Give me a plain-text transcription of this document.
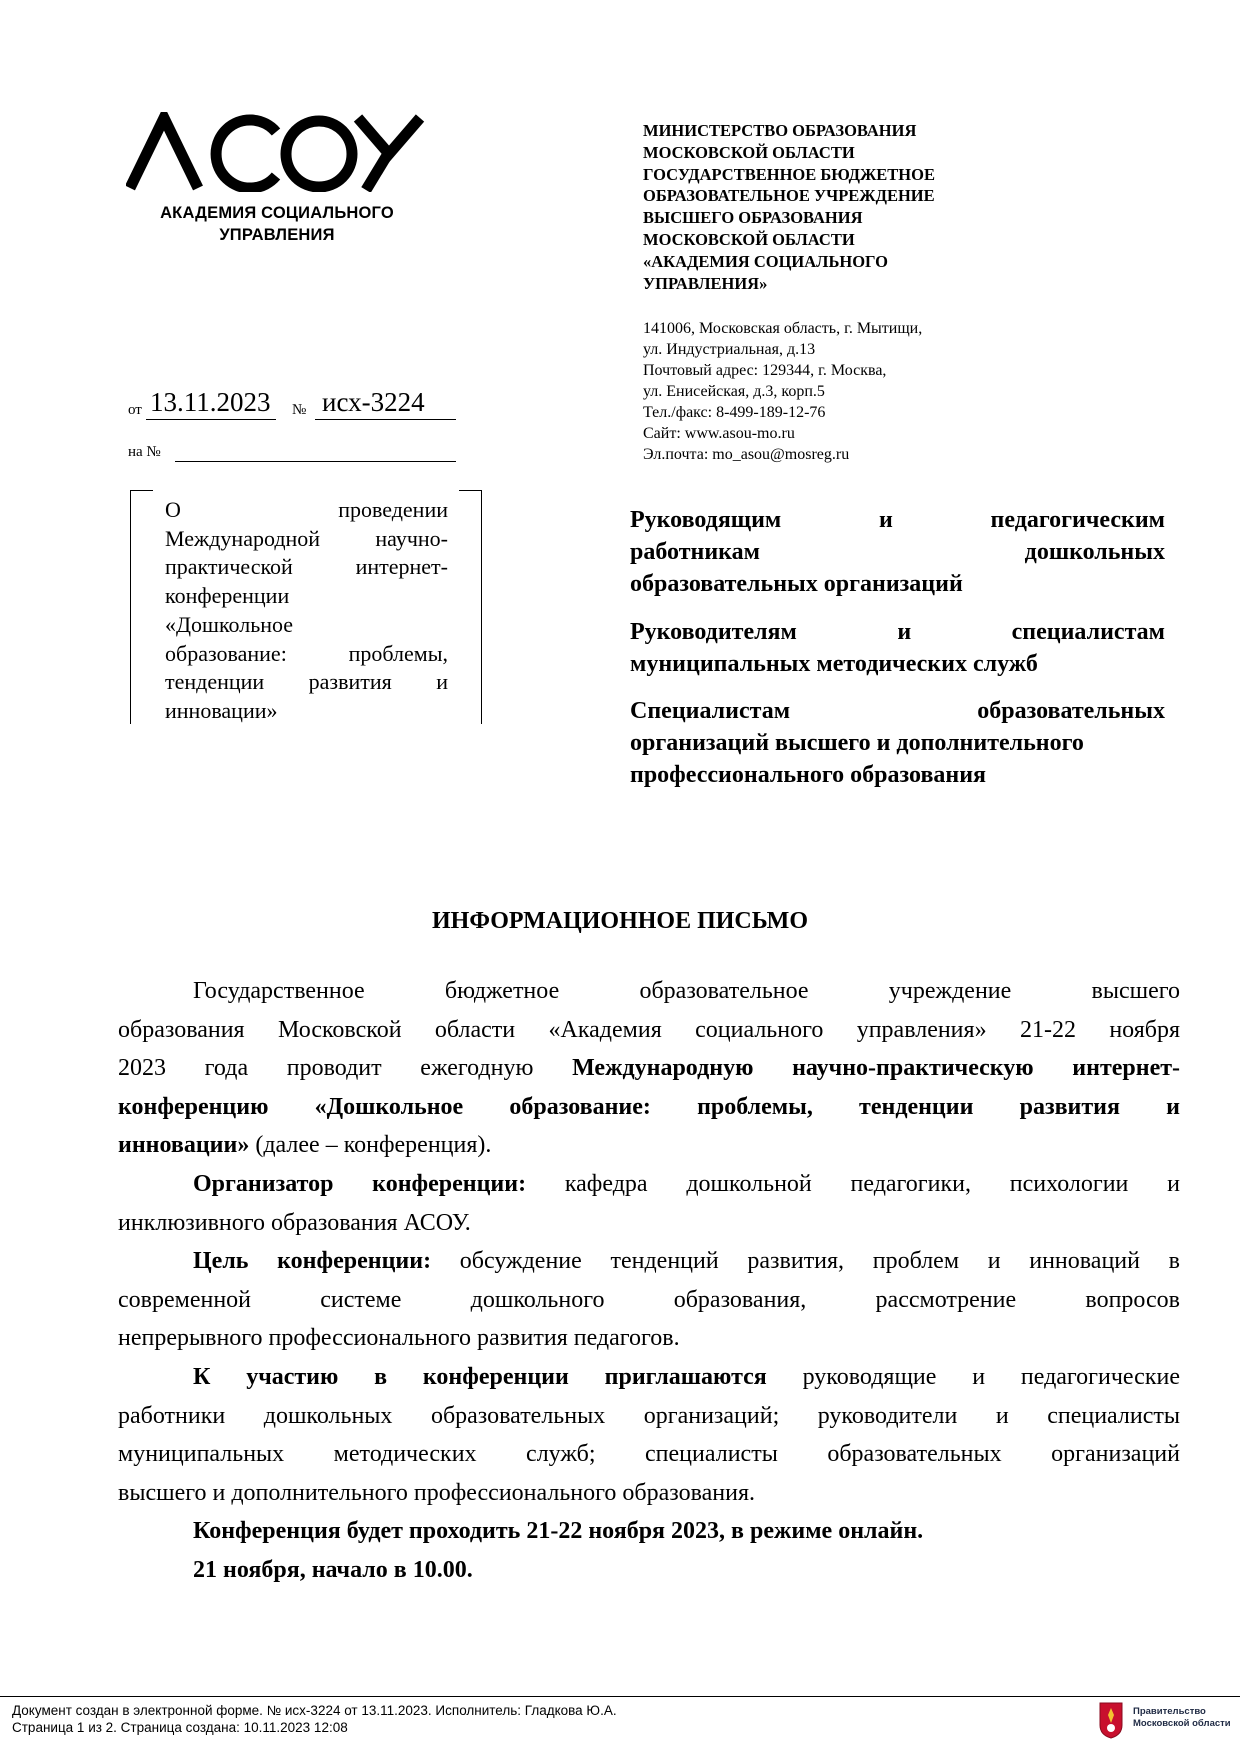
АКАДЕМИЯ СОЦИАЛЬНОГО
УПРАВЛЕНИЯ
МИНИСТЕРСТВО ОБРАЗОВАНИЯ
МОСКОВСКОЙ ОБЛАСТИ
ГОСУДАРСТВЕННОЕ БЮДЖЕТНОЕ
ОБРАЗОВАТЕЛЬНОЕ УЧРЕЖДЕНИЕ
ВЫСШЕГО ОБРАЗОВАНИЯ
МОСКОВСКОЙ ОБЛАСТИ
«АКАДЕМИЯ СОЦИАЛЬНОГО
УПРАВЛЕНИЯ»
141006, Московская область, г. Мытищи,
ул. Индустриальная, д.13
Почтовый адрес: 129344, г. Москва,
ул. Енисейская, д.3, корп.5
Тел./факс: 8-499-189-12-76
Сайт: www.asou-mo.ru
Эл.почта: mo_asou@mosreg.ru
от 13.11.2023 № исх-3224
на №
О проведении
Международной научно-
практической интернет-
конференции
«Дошкольное
образование: проблемы,
тенденции развития и
инновации»
Руководящим и педагогическим
работникам дошкольных
образовательных организаций
Руководителям и специалистам
муниципальных методических служб
Специалистам образовательных
организаций высшего и дополнительного
профессионального образования
ИНФОРМАЦИОННОЕ ПИСЬМО
Государственное бюджетное образовательное учреждение высшего
образования Московской области «Академия социального управления» 21-22 ноября
2023 года проводит ежегодную Международную научно-практическую интернет-
конференцию «Дошкольное образование: проблемы, тенденции развития и
инновации» (далее – конференция).
Организатор конференции: кафедра дошкольной педагогики, психологии и
инклюзивного образования АСОУ.
Цель конференции: обсуждение тенденций развития, проблем и инноваций в
современной системе дошкольного образования, рассмотрение вопросов
непрерывного профессионального развития педагогов.
К участию в конференции приглашаются руководящие и педагогические
работники дошкольных образовательных организаций; руководители и специалисты
муниципальных методических служб; специалисты образовательных организаций
высшего и дополнительного профессионального образования.
Конференция будет проходить 21-22 ноября 2023, в режиме онлайн.
21 ноября, начало в 10.00.
Документ создан в электронной форме. № исх-3224 от 13.11.2023. Исполнитель: Гладкова Ю.А.
Страница 1 из 2. Страница создана: 10.11.2023 12:08
Правительство
Московской области
